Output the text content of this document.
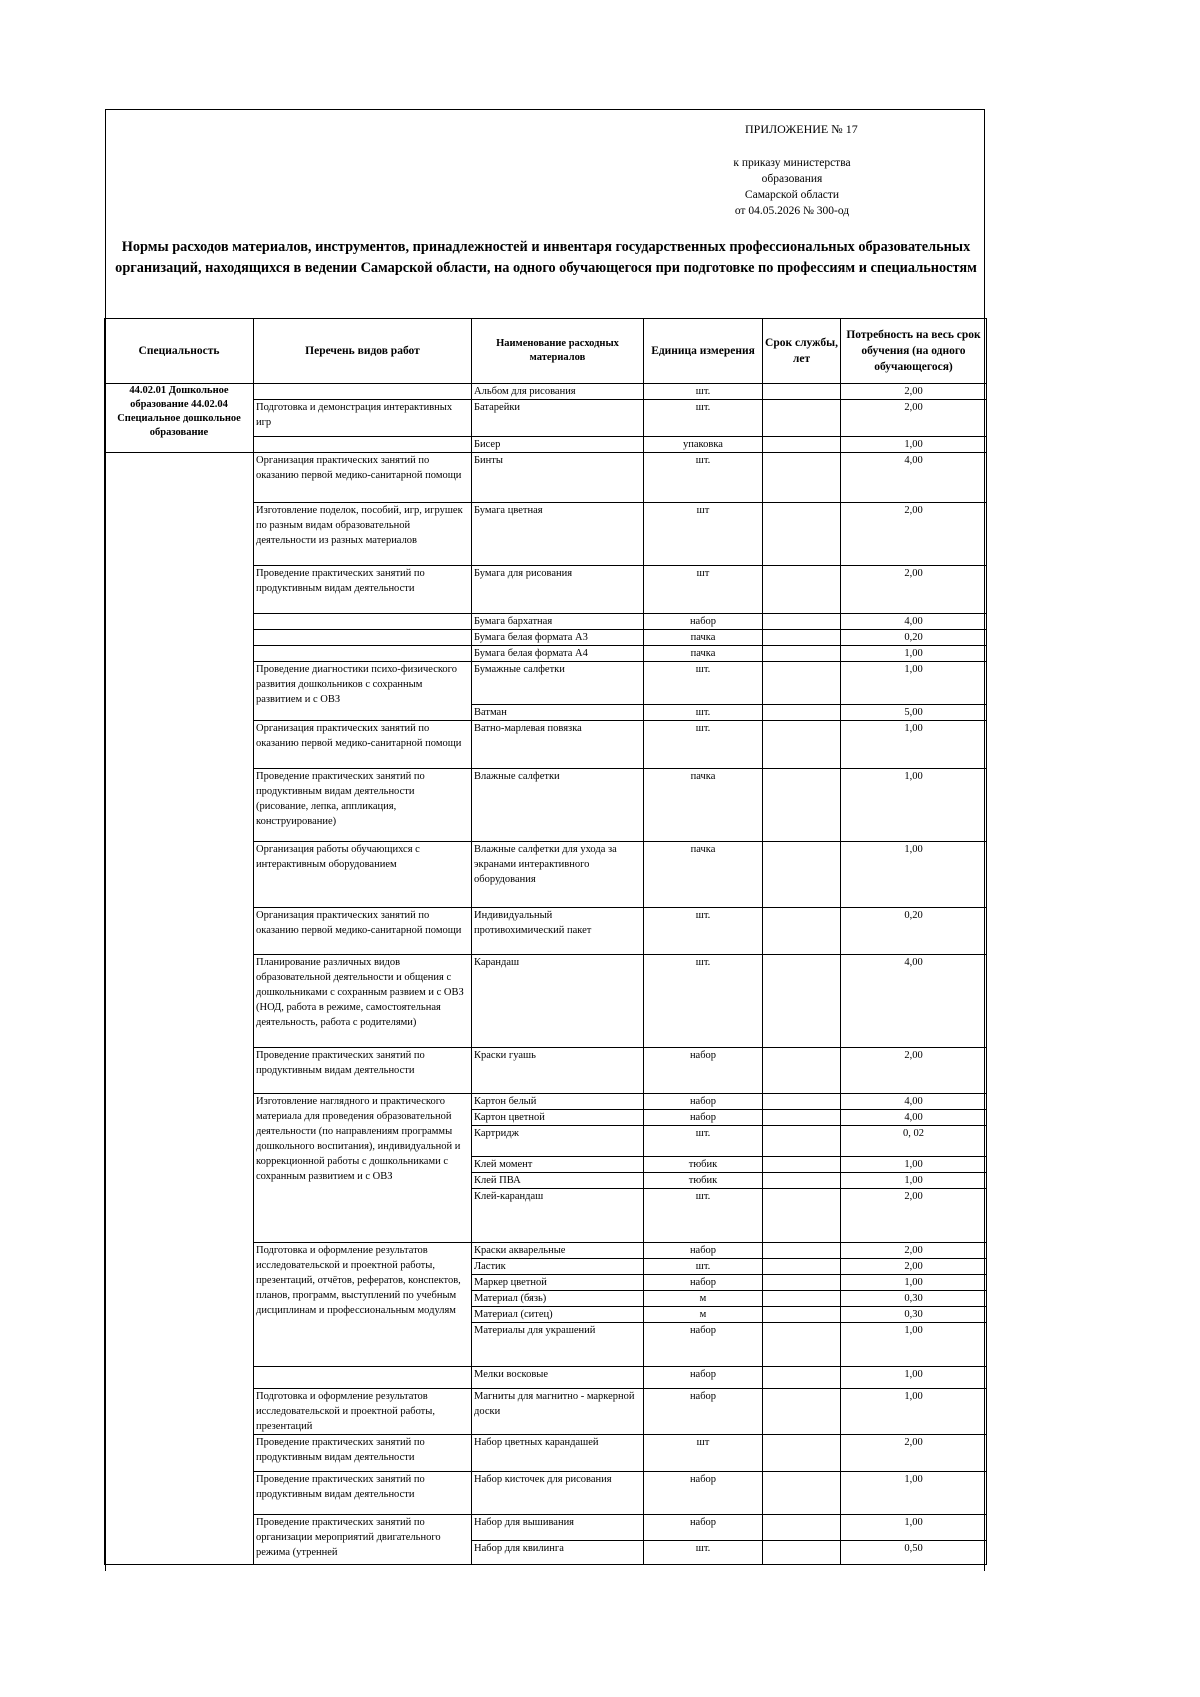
ПРИЛОЖЕНИЕ № 17
к приказу министерства
образования
Самарской области
от 04.05.2026 № 300-од
Нормы расходов материалов, инструментов, принадлежностей и инвентаря государственных профессиональных образовательных организаций, находящихся в ведении Самарской области, на одного обучающегося при подготовке по профессиям и специальностям
Специальность	Перечень видов работ	Наименование расходных материалов	Единица измерения	Срок службы, лет	Потребность на весь срок обучения (на одного обучающегося)
44.02.01 Дошкольное образование 44.02.04 Специальное дошкольное образование		Альбом для рисования	шт.		2,00
	Подготовка и демонстрация интерактивных игр	Батарейки	шт.		2,00
		Бисер	упаковка		1,00
	Организация практических занятий по оказанию первой медико-санитарной помощи	Бинты	шт.		4,00
	Изготовление поделок, пособий, игр, игрушек по разным видам образовательной деятельности из разных материалов	Бумага цветная	шт		2,00
	Проведение практических занятий по продуктивным видам деятельности	Бумага для рисования	шт		2,00
		Бумага бархатная	набор		4,00
		Бумага белая формата А3	пачка		0,20
		Бумага белая формата А4	пачка		1,00
	Проведение диагностики психо-физического развития дошкольников с сохранным развитием и с ОВЗ	Бумажные салфетки	шт.		1,00
		Ватман	шт.		5,00
	Организация практических занятий по оказанию первой медико-санитарной помощи	Ватно-марлевая повязка	шт.		1,00
	Проведение практических занятий по продуктивным видам деятельности (рисование, лепка, аппликация, конструирование)	Влажные салфетки	пачка		1,00
	Организация работы обучающихся с интерактивным оборудованием	Влажные салфетки для ухода за экранами интерактивного оборудования	пачка		1,00
	Организация практических занятий по оказанию первой медико-санитарной помощи	Индивидуальный противохимический пакет	шт.		0,20
	Планирование различных видов образовательной деятельности и общения с дошкольниками с сохранным развием и с ОВЗ (НОД, работа в режиме, самостоятельная деятельность, работа с родителями)	Карандаш	шт.		4,00
	Проведение практических занятий по продуктивным видам деятельности	Краски гуашь	набор		2,00
	Изготовление наглядного и практического материала для проведения образовательной деятельности (по направлениям программы дошкольного воспитания), индивидуальной и коррекционной работы с дошкольниками с сохранным развитием и с ОВЗ	Картон белый	набор		4,00
		Картон цветной	набор		4,00
		Картридж	шт.		0, 02
		Клей момент	тюбик		1,00
		Клей ПВА	тюбик		1,00
		Клей-карандаш	шт.		2,00
	Подготовка и оформление результатов исследовательской и проектной работы, презентаций, отчётов, рефератов, конспектов, планов, программ, выступлений по учебным дисциплинам и профессиональным модулям	Краски акварельные	набор		2,00
		Ластик	шт.		2,00
		Маркер цветной	набор		1,00
		Материал (бязь)	м		0,30
		Материал (ситец)	м		0,30
		Материалы для украшений	набор		1,00
		Мелки восковые	набор		1,00
	Подготовка и оформление результатов исследовательской и проектной работы, презентаций	Магниты для магнитно - маркерной доски	набор		1,00
	Проведение практических занятий по продуктивным видам деятельности	Набор цветных карандашей	шт		2,00
	Проведение практических занятий по продуктивным видам деятельности	Набор кисточек для рисования	набор		1,00
	Проведение практических занятий по организации мероприятий двигательного режима (утренней	Набор для вышивания	набор		1,00
		Набор для квилинга	шт.		0,50
